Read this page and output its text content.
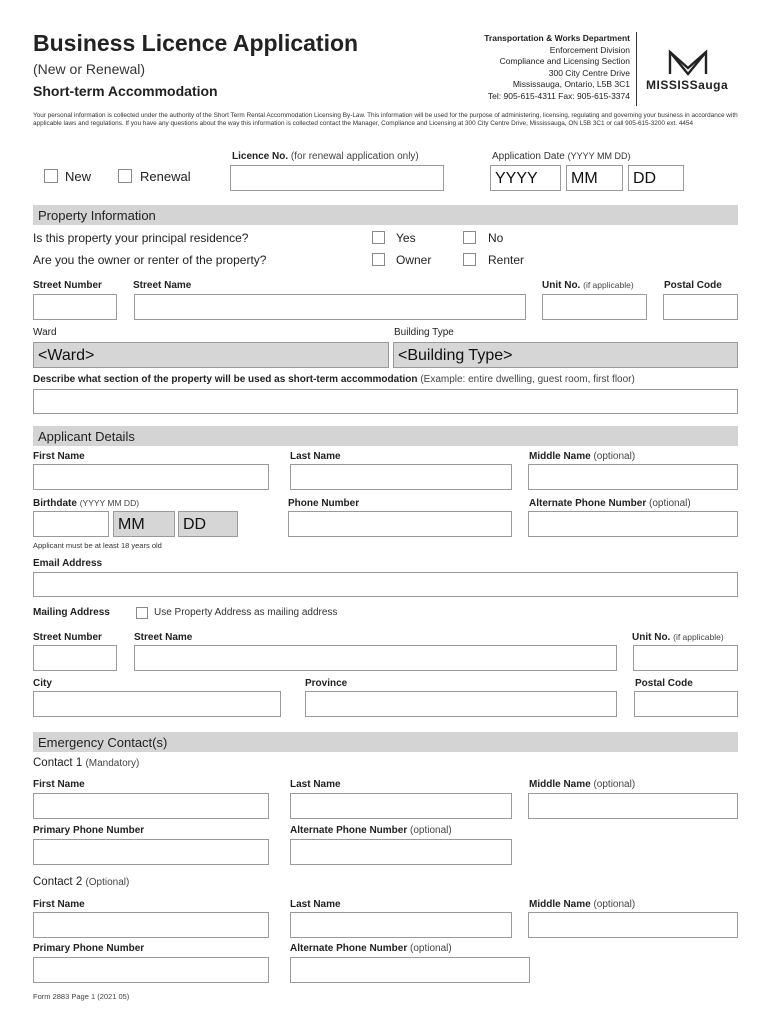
Business Licence Application
(New or Renewal)
Short-term Accommodation
Transportation & Works Department
Enforcement Division
Compliance and Licensing Section
300 City Centre Drive
Mississauga, Ontario, L5B 3C1
Tel: 905-615-4311 Fax: 905-615-3374
MISSISSauga
Your personal information is collected under the authority of the Short Term Rental Accommodation Licensing By-Law. This information will be used for the purpose of administering, licensing, regulating and governing your business in accordance with applicable laws and regulations. If you have any questions about the way this information is collected contact the Manager, Compliance and Licensing at 300 City Centre Drive, Mississauga, ON L5B 3C1 or call 905-615-3200 ext. 4454
New	Renewal
Licence No. (for renewal application only)	Application Date (YYYY MM DD)
YYYY MM DD
Property Information
Is this property your principal residence?	Yes	No
Are you the owner or renter of the property?	Owner	Renter
Street Number	Street Name	Unit No. (if applicable)	Postal Code
Ward	Building Type
<Ward>	<Building Type>
Describe what section of the property will be used as short-term accommodation (Example: entire dwelling, guest room, first floor)
Applicant Details
First Name	Last Name	Middle Name (optional)
Birthdate (YYYY MM DD)	Phone Number	Alternate Phone Number (optional)
MM DD
Applicant must be at least 18 years old
Email Address
Mailing Address	Use Property Address as mailing address
Street Number	Street Name	Unit No. (if applicable)
City	Province	Postal Code
Emergency Contact(s)
Contact 1 (Mandatory)
First Name	Last Name	Middle Name (optional)
Primary Phone Number	Alternate Phone Number (optional)
Contact 2 (Optional)
First Name	Last Name	Middle Name (optional)
Primary Phone Number	Alternate Phone Number (optional)
Form 2883 Page 1 (2021 05)
